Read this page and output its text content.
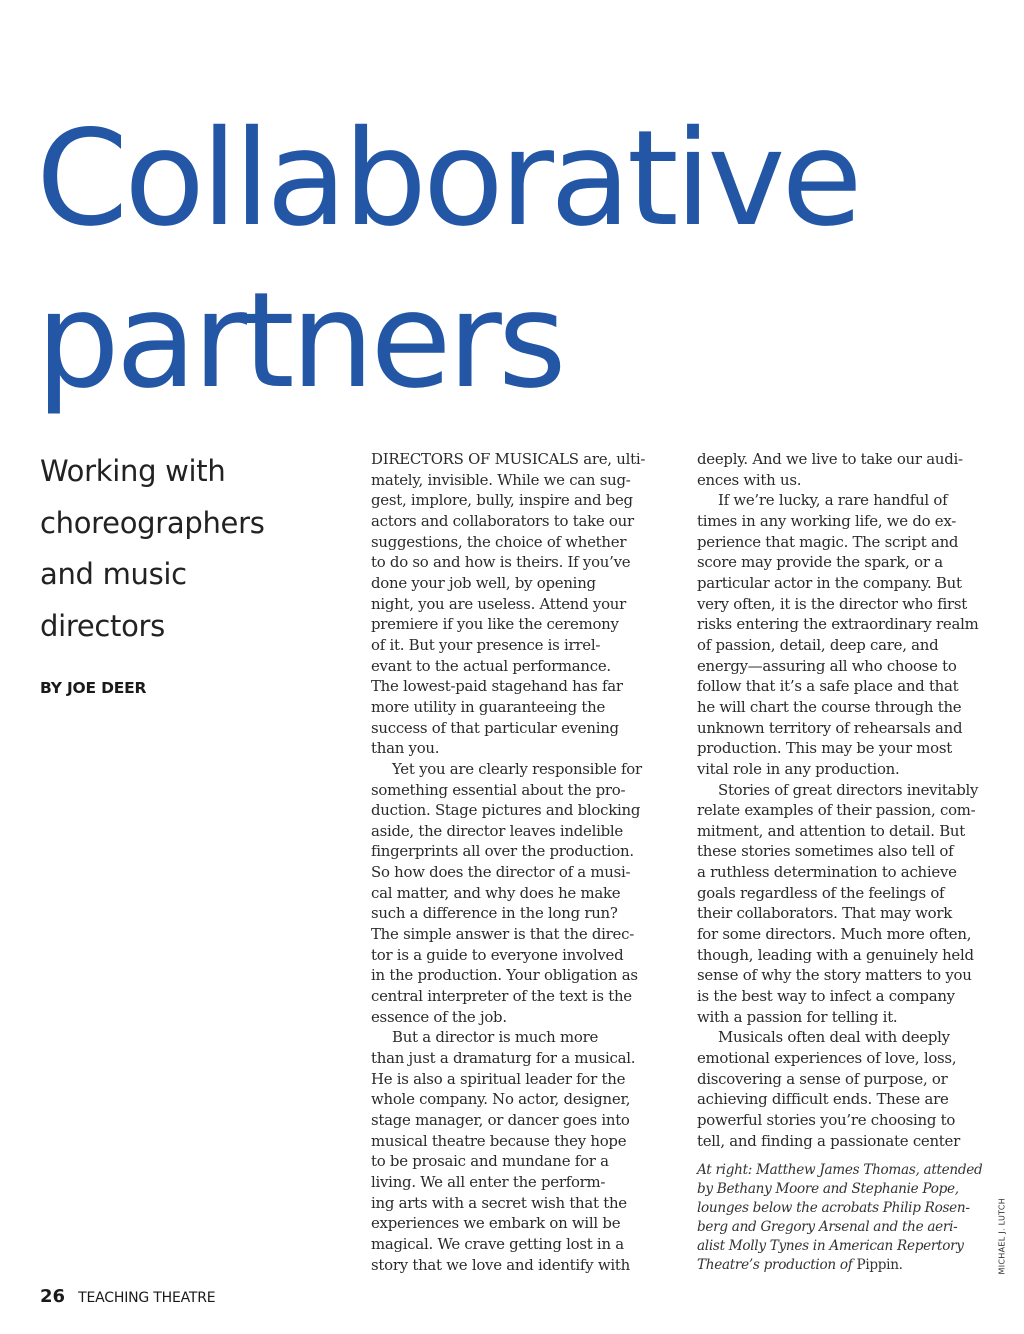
Collaborative
partners
Working with
choreographers
and music
directors
BY JOE DEER

DIRECTORS OF MUSICALS are, ulti-
mately, invisible. While we can sug-
gest, implore, bully, inspire and beg
actors and collaborators to take our
suggestions, the choice of whether
to do so and how is theirs. If you’ve
done your job well, by opening
night, you are useless. Attend your
premiere if you like the ceremony
of it. But your presence is irrel-
evant to the actual performance.
The lowest-paid stagehand has far
more utility in guaranteeing the
success of that particular evening
than you.

Yet you are clearly responsible for
something essential about the pro-
duction. Stage pictures and blocking
aside, the director leaves indelible
fingerprints all over the production.
So how does the director of a musi-
cal matter, and why does he make
such a difference in the long run?
The simple answer is that the direc-
tor is a guide to everyone involved
in the production. Your obligation as
central interpreter of the text is the
essence of the job.

But a director is much more
than just a dramaturg for a musical.
He is also a spiritual leader for the
whole company. No actor, designer,
stage manager, or dancer goes into
musical theatre because they hope
to be prosaic and mundane for a
living. We all enter the perform-
ing arts with a secret wish that the
experiences we embark on will be
magical. We crave getting lost in a
story that we love and identify with

deeply. And we live to take our audi-
ences with us.

If we’re lucky, a rare handful of
times in any working life, we do ex-
perience that magic. The script and
score may provide the spark, or a
particular actor in the company. But
very often, it is the director who first
risks entering the extraordinary realm
of passion, detail, deep care, and
energy—assuring all who choose to
follow that it’s a safe place and that
he will chart the course through the
unknown territory of rehearsals and
production. This may be your most
vital role in any production.

Stories of great directors inevitably
relate examples of their passion, com-
mitment, and attention to detail. But
these stories sometimes also tell of
a ruthless determination to achieve
goals regardless of the feelings of
their collaborators. That may work
for some directors. Much more often,
though, leading with a genuinely held
sense of why the story matters to you
is the best way to infect a company
with a passion for telling it.

Musicals often deal with deeply
emotional experiences of love, loss,
discovering a sense of purpose, or
achieving difficult ends. These are
powerful stories you’re choosing to
tell, and finding a passionate center

At right: Matthew James Thomas, attended
by Bethany Moore and Stephanie Pope,
lounges below the acrobats Philip Rosen-
berg and Gregory Arsenal and the aeri-
alist Molly Tynes in American Repertory
Theatre’s production of Pippin.	MICHAEL J. LUTCH
26 TEACHING THEATRE
